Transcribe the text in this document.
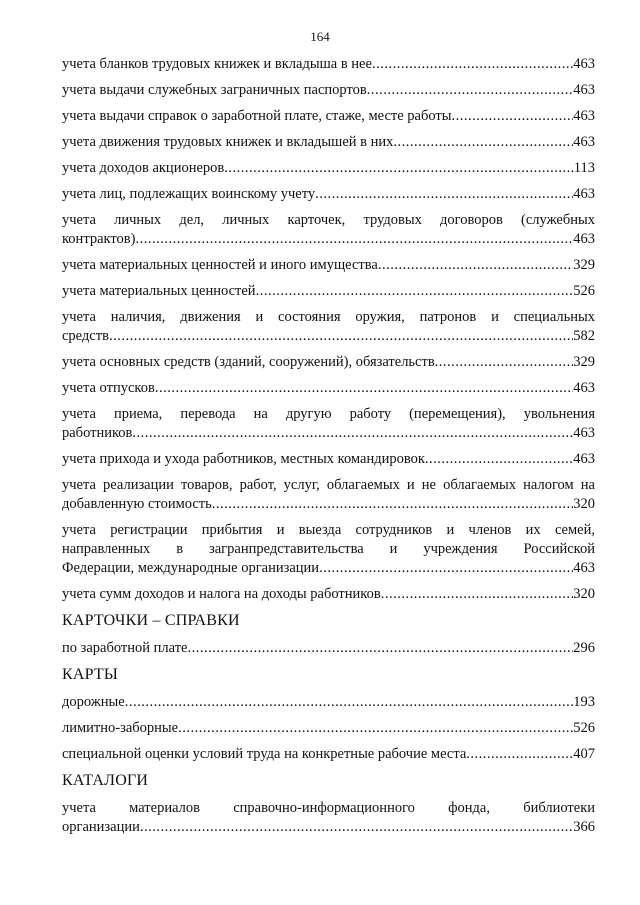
164
учета бланков трудовых книжек и вкладыша в нее .....	463
учета выдачи служебных заграничных паспортов .....	463
учета выдачи справок о заработной плате, стаже, месте работы .....	463
учета движения трудовых книжек и вкладышей в них .....	463
учета доходов акционеров .....	113
учета лиц, подлежащих воинскому учету .....	463
учета личных дел, личных карточек, трудовых договоров (служебных
контрактов) .....	463
учета материальных ценностей и иного имущества .....	329
учета материальных ценностей .....	526
учета наличия, движения и состояния оружия, патронов и специальных
средств .....	582
учета основных средств (зданий, сооружений), обязательств .....	329
учета отпусков .....	463
учета приема, перевода на другую работу (перемещения), увольнения
работников .....	463
учета прихода и ухода работников, местных командировок .....	463
учета реализации товаров, работ, услуг, облагаемых и не облагаемых налогом на
добавленную стоимость .....	320
учета регистрации прибытия и выезда сотрудников и членов их семей,
направленных в загранпредставительства и учреждения Российской
Федерации, международные организации .....	463
учета сумм доходов и налога на доходы работников .....	320
КАРТОЧКИ – СПРАВКИ
по заработной плате .....	296
КАРТЫ
дорожные .....	193
лимитно-заборные .....	526
специальной оценки условий труда на конкретные рабочие места .....	407
КАТАЛОГИ
учета материалов справочно-информационного фонда, библиотеки
организации .....	366
